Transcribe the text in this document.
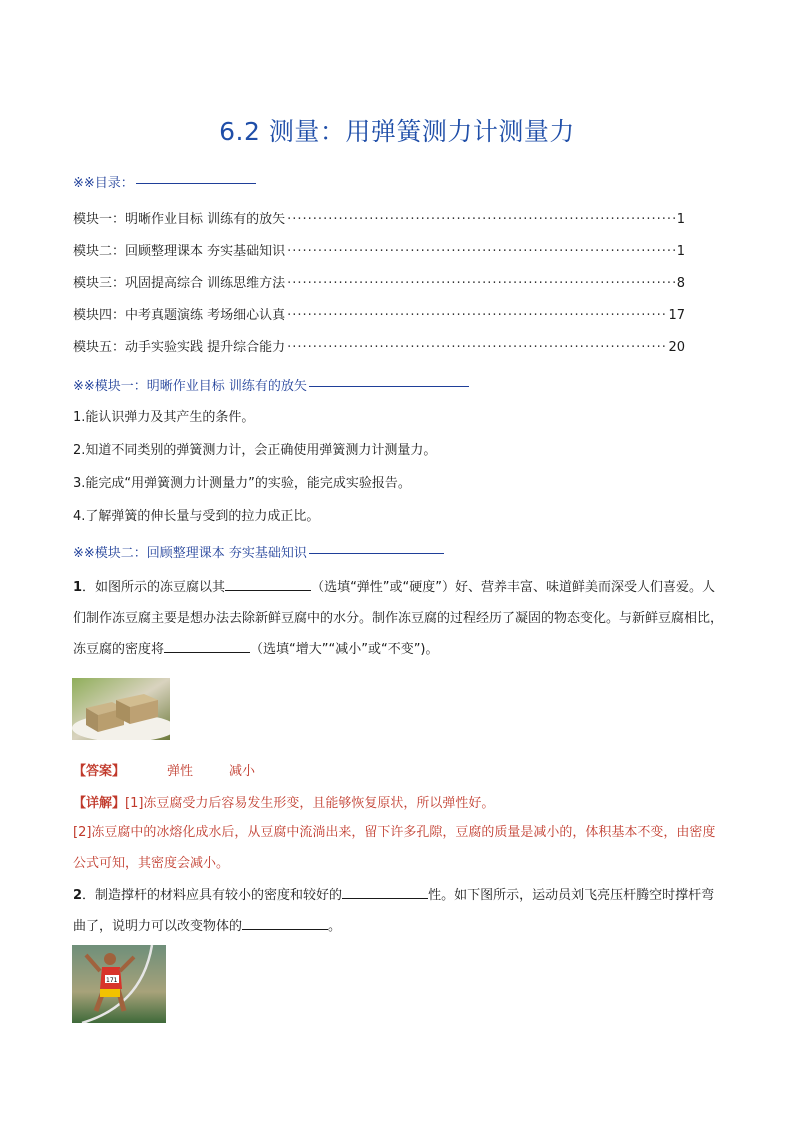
6.2 测量：用弹簧测力计测量力
※※目录：
模块一：明晰作业目标 训练有的放矢 ·····	1
模块二：回顾整理课本 夯实基础知识 ·····	1
模块三：巩固提高综合 训练思维方法 ·····	8
模块四：中考真题演练 考场细心认真 ·····	17
模块五：动手实验实践 提升综合能力 ·····	20
※※模块一：明晰作业目标 训练有的放矢
1.能认识弹力及其产生的条件。
2.知道不同类别的弹簧测力计，会正确使用弹簧测力计测量力。
3.能完成“用弹簧测力计测量力”的实验，能完成实验报告。
4.了解弹簧的伸长量与受到的拉力成正比。
※※模块二：回顾整理课本 夯实基础知识
1．如图所示的冻豆腐以其	（选填“弹性”或“硬度”）好、营养丰富、味道鲜美而深受人们喜爱。人们制作冻豆腐主要是想办法去除新鲜豆腐中的水分。制作冻豆腐的过程经历了凝固的物态变化。与新鲜豆腐相比，冻豆腐的密度将	（选填“增大”“减小”或“不变”)。
【答案】	弹性	减小
【详解】[1]冻豆腐受力后容易发生形变，且能够恢复原状，所以弹性好。
[2]冻豆腐中的冰熔化成水后，从豆腐中流淌出来，留下许多孔隙，豆腐的质量是减小的，体积基本不变，由密度公式可知，其密度会减小。
2．制造撑杆的材料应具有较小的密度和较好的	性。如下图所示，运动员刘飞亮压杆腾空时撑杆弯曲了，说明力可以改变物体的	。
171
